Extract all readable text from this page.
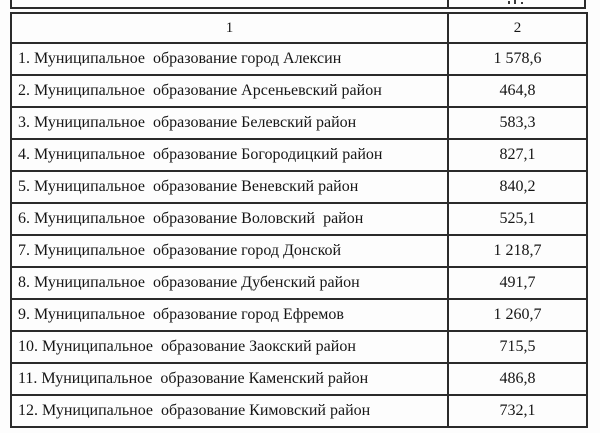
1	2
1. Муниципальное  образование город Алексин	1 578,6
2. Муниципальное  образование Арсеньевский район	464,8
3. Муниципальное  образование Белевский район	583,3
4. Муниципальное  образование Богородицкий район	827,1
5. Муниципальное  образование Веневский район	840,2
6. Муниципальное  образование Воловский  район	525,1
7. Муниципальное  образование город Донской	1 218,7
8. Муниципальное  образование Дубенский район	491,7
9. Муниципальное  образование город Ефремов	1 260,7
10. Муниципальное  образование Заокский район	715,5
11. Муниципальное  образование Каменский район	486,8
12. Муниципальное  образование Кимовский район	732,1
